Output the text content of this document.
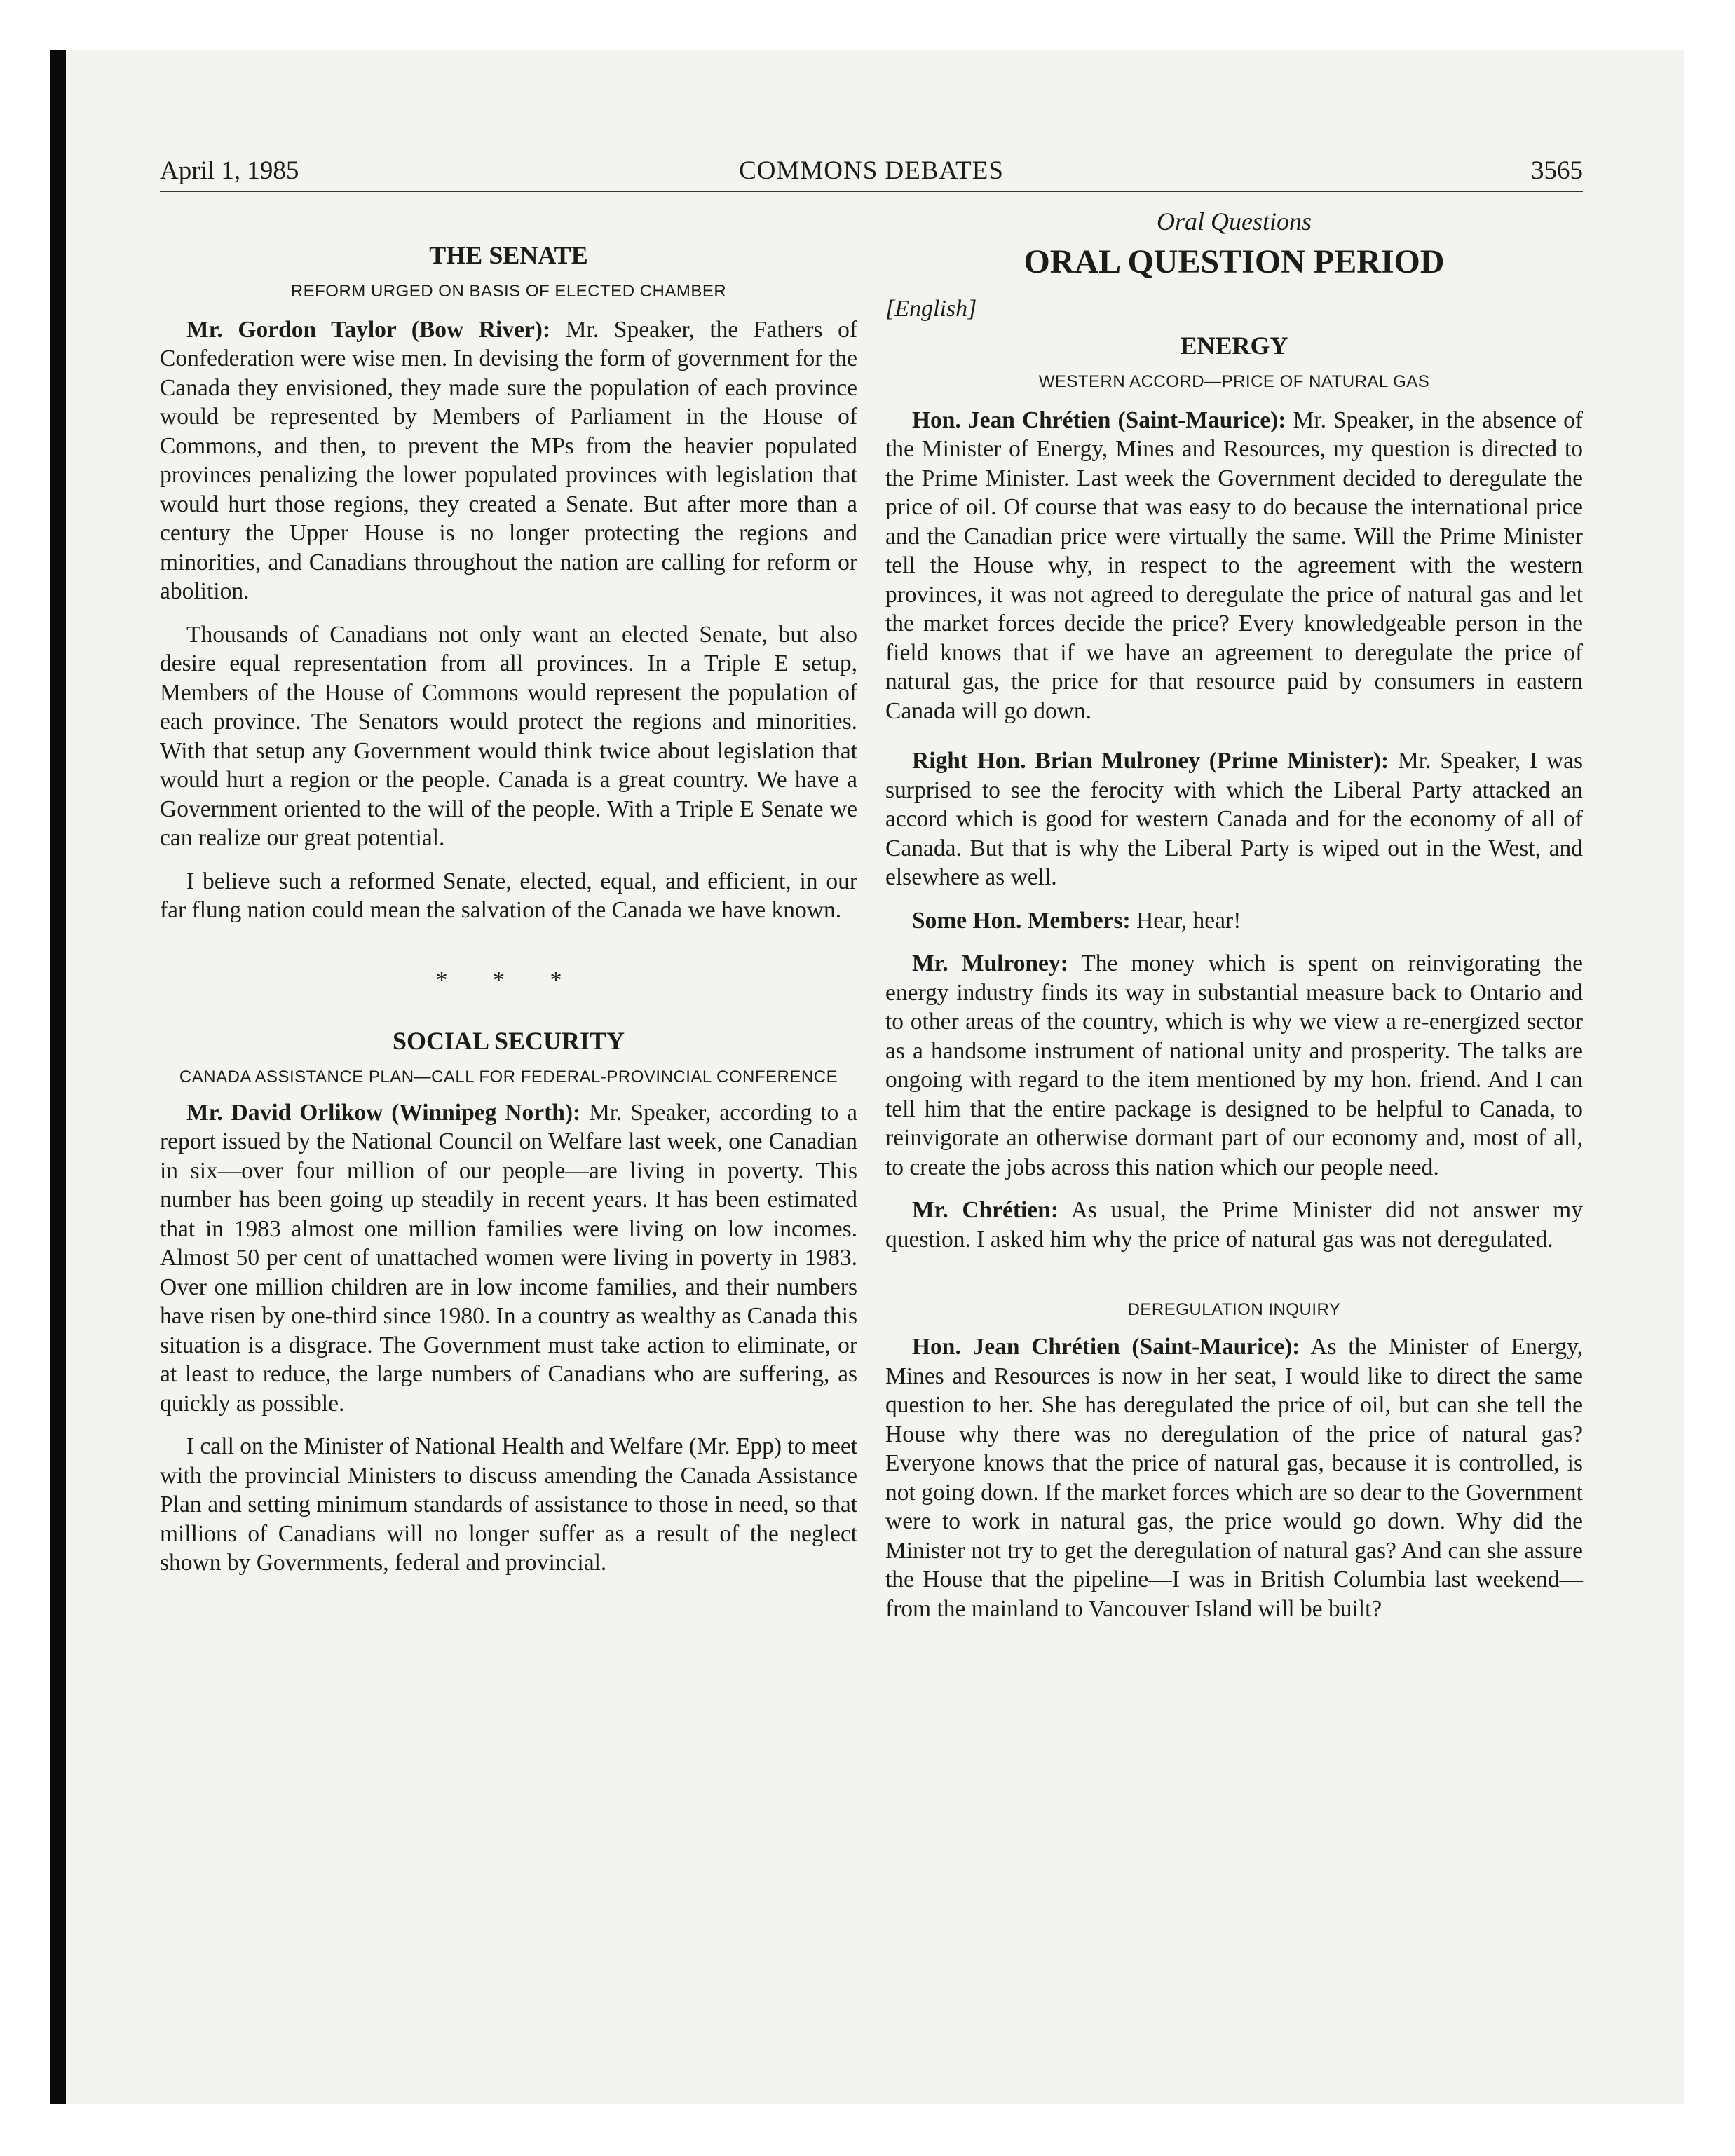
April 1, 1985	COMMONS DEBATES	3565
THE SENATE
REFORM URGED ON BASIS OF ELECTED CHAMBER

Mr. Gordon Taylor (Bow River): Mr. Speaker, the Fathers of Confederation were wise men. In devising the form of government for the Canada they envisioned, they made sure the population of each province would be represented by Members of Parliament in the House of Commons, and then, to prevent the MPs from the heavier populated provinces penalizing the lower populated provinces with legislation that would hurt those regions, they created a Senate. But after more than a century the Upper House is no longer protecting the regions and minorities, and Canadians throughout the nation are calling for reform or abolition.

Thousands of Canadians not only want an elected Senate, but also desire equal representation from all provinces. In a Triple E setup, Members of the House of Commons would represent the population of each province. The Senators would protect the regions and minorities. With that setup any Government would think twice about legislation that would hurt a region or the people. Canada is a great country. We have a Government oriented to the will of the people. With a Triple E Senate we can realize our great potential.

I believe such a reformed Senate, elected, equal, and efficient, in our far flung nation could mean the salvation of the Canada we have known.

* * *
SOCIAL SECURITY
CANADA ASSISTANCE PLAN—CALL FOR FEDERAL-PROVINCIAL CONFERENCE

Mr. David Orlikow (Winnipeg North): Mr. Speaker, according to a report issued by the National Council on Welfare last week, one Canadian in six—over four million of our people—are living in poverty. This number has been going up steadily in recent years. It has been estimated that in 1983 almost one million families were living on low incomes. Almost 50 per cent of unattached women were living in poverty in 1983. Over one million children are in low income families, and their numbers have risen by one-third since 1980. In a country as wealthy as Canada this situation is a disgrace. The Government must take action to eliminate, or at least to reduce, the large numbers of Canadians who are suffering, as quickly as possible.

I call on the Minister of National Health and Welfare (Mr. Epp) to meet with the provincial Ministers to discuss amending the Canada Assistance Plan and setting minimum standards of assistance to those in need, so that millions of Canadians will no longer suffer as a result of the neglect shown by Governments, federal and provincial.

Oral Questions
ORAL QUESTION PERIOD
[English]
ENERGY
WESTERN ACCORD—PRICE OF NATURAL GAS

Hon. Jean Chrétien (Saint-Maurice): Mr. Speaker, in the absence of the Minister of Energy, Mines and Resources, my question is directed to the Prime Minister. Last week the Government decided to deregulate the price of oil. Of course that was easy to do because the international price and the Canadian price were virtually the same. Will the Prime Minister tell the House why, in respect to the agreement with the western provinces, it was not agreed to deregulate the price of natural gas and let the market forces decide the price? Every knowledgeable person in the field knows that if we have an agreement to deregulate the price of natural gas, the price for that resource paid by consumers in eastern Canada will go down.

Right Hon. Brian Mulroney (Prime Minister): Mr. Speaker, I was surprised to see the ferocity with which the Liberal Party attacked an accord which is good for western Canada and for the economy of all of Canada. But that is why the Liberal Party is wiped out in the West, and elsewhere as well.

Some Hon. Members: Hear, hear!

Mr. Mulroney: The money which is spent on reinvigorating the energy industry finds its way in substantial measure back to Ontario and to other areas of the country, which is why we view a re-energized sector as a handsome instrument of national unity and prosperity. The talks are ongoing with regard to the item mentioned by my hon. friend. And I can tell him that the entire package is designed to be helpful to Canada, to reinvigorate an otherwise dormant part of our economy and, most of all, to create the jobs across this nation which our people need.

Mr. Chrétien: As usual, the Prime Minister did not answer my question. I asked him why the price of natural gas was not deregulated.

DEREGULATION INQUIRY

Hon. Jean Chrétien (Saint-Maurice): As the Minister of Energy, Mines and Resources is now in her seat, I would like to direct the same question to her. She has deregulated the price of oil, but can she tell the House why there was no deregulation of the price of natural gas? Everyone knows that the price of natural gas, because it is controlled, is not going down. If the market forces which are so dear to the Government were to work in natural gas, the price would go down. Why did the Minister not try to get the deregulation of natural gas? And can she assure the House that the pipeline—I was in British Columbia last weekend—from the mainland to Vancouver Island will be built?
